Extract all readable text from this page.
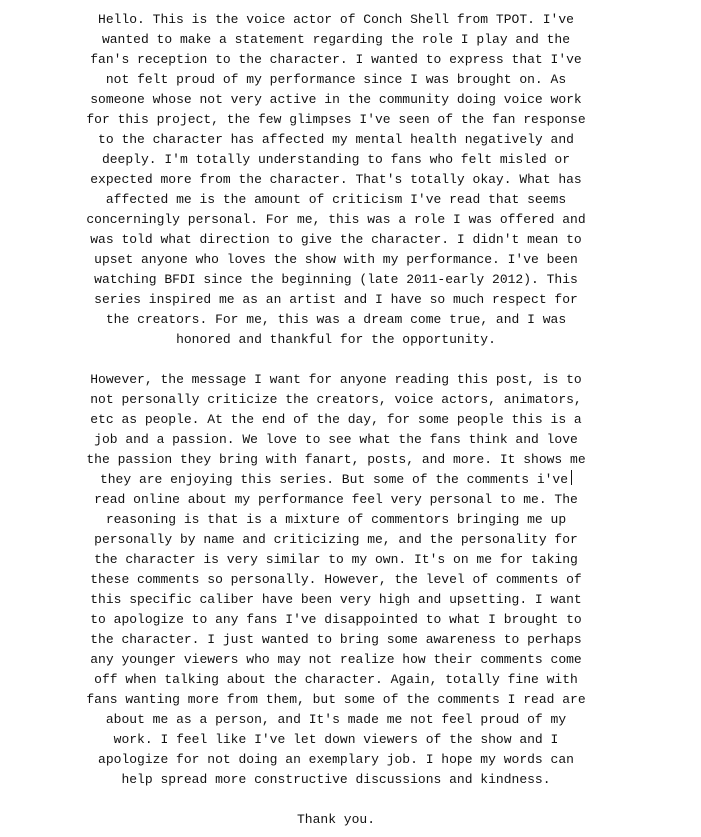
Hello. This is the voice actor of Conch Shell from TPOT. I've
wanted to make a statement regarding the role I play and the
fan's reception to the character. I wanted to express that I've
not felt proud of my performance since I was brought on. As
someone whose not very active in the community doing voice work
for this project, the few glimpses I've seen of the fan response
to the character has affected my mental health negatively and
deeply. I'm totally understanding to fans who felt misled or
expected more from the character. That's totally okay. What has
affected me is the amount of criticism I've read that seems
concerningly personal. For me, this was a role I was offered and
was told what direction to give the character. I didn't mean to
upset anyone who loves the show with my performance. I've been
watching BFDI since the beginning (late 2011-early 2012). This
series inspired me as an artist and I have so much respect for
the creators. For me, this was a dream come true, and I was
honored and thankful for the opportunity.
However, the message I want for anyone reading this post, is to
not personally criticize the creators, voice actors, animators,
etc as people. At the end of the day, for some people this is a
job and a passion. We love to see what the fans think and love
the passion they bring with fanart, posts, and more. It shows me
they are enjoying this series. But some of the comments i've
read online about my performance feel very personal to me. The
reasoning is that is a mixture of commentors bringing me up
personally by name and criticizing me, and the personality for
the character is very similar to my own. It's on me for taking
these comments so personally. However, the level of comments of
this specific caliber have been very high and upsetting. I want
to apologize to any fans I've disappointed to what I brought to
the character. I just wanted to bring some awareness to perhaps
any younger viewers who may not realize how their comments come
off when talking about the character. Again, totally fine with
fans wanting more from them, but some of the comments I read are
about me as a person, and It's made me not feel proud of my
work. I feel like I've let down viewers of the show and I
apologize for not doing an exemplary job. I hope my words can
help spread more constructive discussions and kindness.
Thank you.
